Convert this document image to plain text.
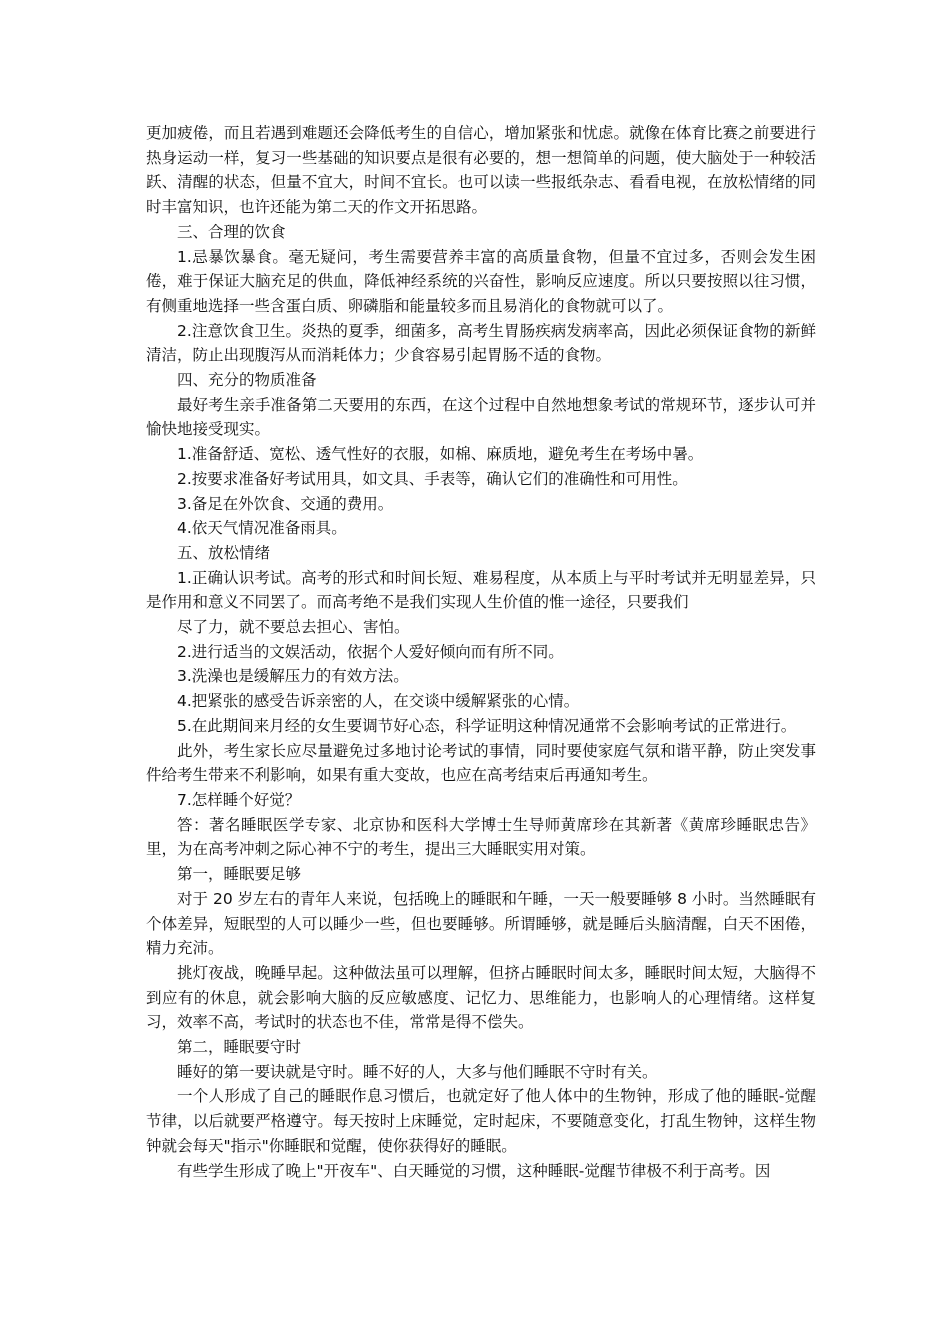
更加疲倦，而且若遇到难题还会降低考生的自信心，增加紧张和忧虑。就像在体育比赛之前要进行热身运动一样，复习一些基础的知识要点是很有必要的，想一想简单的问题，使大脑处于一种较活跃、清醒的状态，但量不宜大，时间不宜长。也可以读一些报纸杂志、看看电视，在放松情绪的同时丰富知识，也许还能为第二天的作文开拓思路。

三、合理的饮食

1.忌暴饮暴食。毫无疑问，考生需要营养丰富的高质量食物，但量不宜过多，否则会发生困倦，难于保证大脑充足的供血，降低神经系统的兴奋性，影响反应速度。所以只要按照以往习惯，有侧重地选择一些含蛋白质、卵磷脂和能量较多而且易消化的食物就可以了。

2.注意饮食卫生。炎热的夏季，细菌多，高考生胃肠疾病发病率高，因此必须保证食物的新鲜清洁，防止出现腹泻从而消耗体力；少食容易引起胃肠不适的食物。

四、充分的物质准备

最好考生亲手准备第二天要用的东西，在这个过程中自然地想象考试的常规环节，逐步认可并愉快地接受现实。

1.准备舒适、宽松、透气性好的衣服，如棉、麻质地，避免考生在考场中暑。

2.按要求准备好考试用具，如文具、手表等，确认它们的准确性和可用性。

3.备足在外饮食、交通的费用。

4.依天气情况准备雨具。

五、放松情绪

1.正确认识考试。高考的形式和时间长短、难易程度，从本质上与平时考试并无明显差异，只是作用和意义不同罢了。而高考绝不是我们实现人生价值的惟一途径，只要我们

尽了力，就不要总去担心、害怕。

2.进行适当的文娱活动，依据个人爱好倾向而有所不同。

3.洗澡也是缓解压力的有效方法。

4.把紧张的感受告诉亲密的人，在交谈中缓解紧张的心情。

5.在此期间来月经的女生要调节好心态，科学证明这种情况通常不会影响考试的正常进行。

此外，考生家长应尽量避免过多地讨论考试的事情，同时要使家庭气氛和谐平静，防止突发事件给考生带来不利影响，如果有重大变故，也应在高考结束后再通知考生。

7.怎样睡个好觉？

答：著名睡眠医学专家、北京协和医科大学博士生导师黄席珍在其新著《黄席珍睡眠忠告》里，为在高考冲刺之际心神不宁的考生，提出三大睡眠实用对策。

第一，睡眠要足够

对于 20 岁左右的青年人来说，包括晚上的睡眠和午睡，一天一般要睡够 8 小时。当然睡眠有个体差异，短眠型的人可以睡少一些，但也要睡够。所谓睡够，就是睡后头脑清醒，白天不困倦，精力充沛。

挑灯夜战，晚睡早起。这种做法虽可以理解，但挤占睡眠时间太多，睡眠时间太短，大脑得不到应有的休息，就会影响大脑的反应敏感度、记忆力、思维能力，也影响人的心理情绪。这样复习，效率不高，考试时的状态也不佳，常常是得不偿失。

第二，睡眠要守时

睡好的第一要诀就是守时。睡不好的人，大多与他们睡眠不守时有关。

一个人形成了自己的睡眠作息习惯后，也就定好了他人体中的生物钟，形成了他的睡眠-觉醒节律，以后就要严格遵守。每天按时上床睡觉，定时起床，不要随意变化，打乱生物钟，这样生物钟就会每天"指示"你睡眠和觉醒，使你获得好的睡眠。

有些学生形成了晚上"开夜车"、白天睡觉的习惯，这种睡眠-觉醒节律极不利于高考。因
